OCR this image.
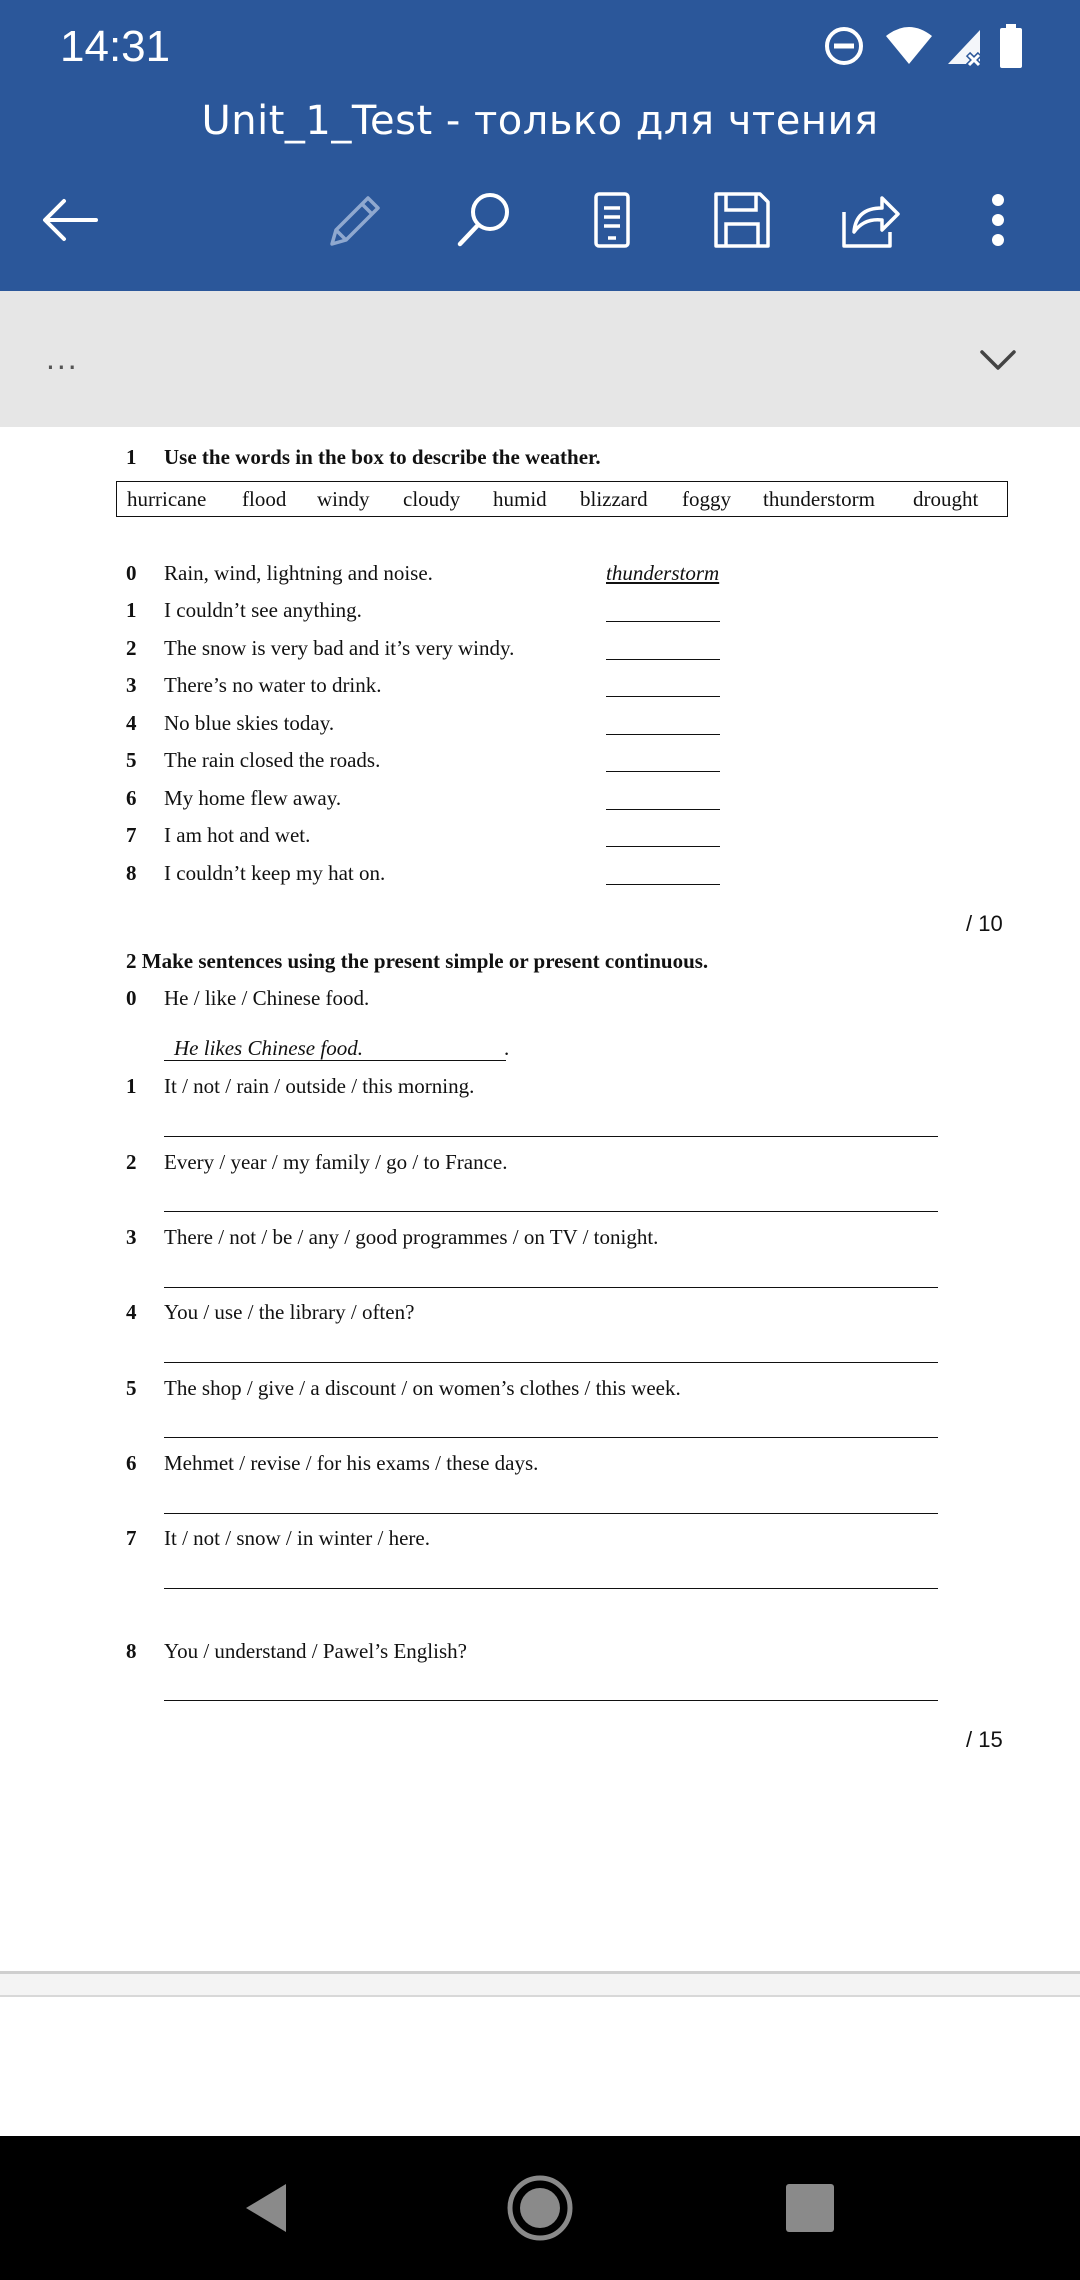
14:31
Unit_1_Test - только для чтения
...
1 Use the words in the box to describe the weather.
hurricane flood windy cloudy humid blizzard foggy thunderstorm drought
0 Rain, wind, lightning and noise.	thunderstorm
1 I couldn’t see anything.
2 The snow is very bad and it’s very windy.
3 There’s no water to drink.
4 No blue skies today.
5 The rain closed the roads.
6 My home flew away.
7 I am hot and wet.
8 I couldn’t keep my hat on.
/ 10
2 Make sentences using the present simple or present continuous.
0 He / like / Chinese food.
He likes Chinese food.	.
1 It / not / rain / outside / this morning.
2 Every / year / my family / go / to France.
3 There / not / be / any / good programmes / on TV / tonight.
4 You / use / the library / often?
5 The shop / give / a discount / on women’s clothes / this week.
6 Mehmet / revise / for his exams / these days.
7 It / not / snow / in winter / here.
8 You / understand / Pawel’s English?
/ 15
